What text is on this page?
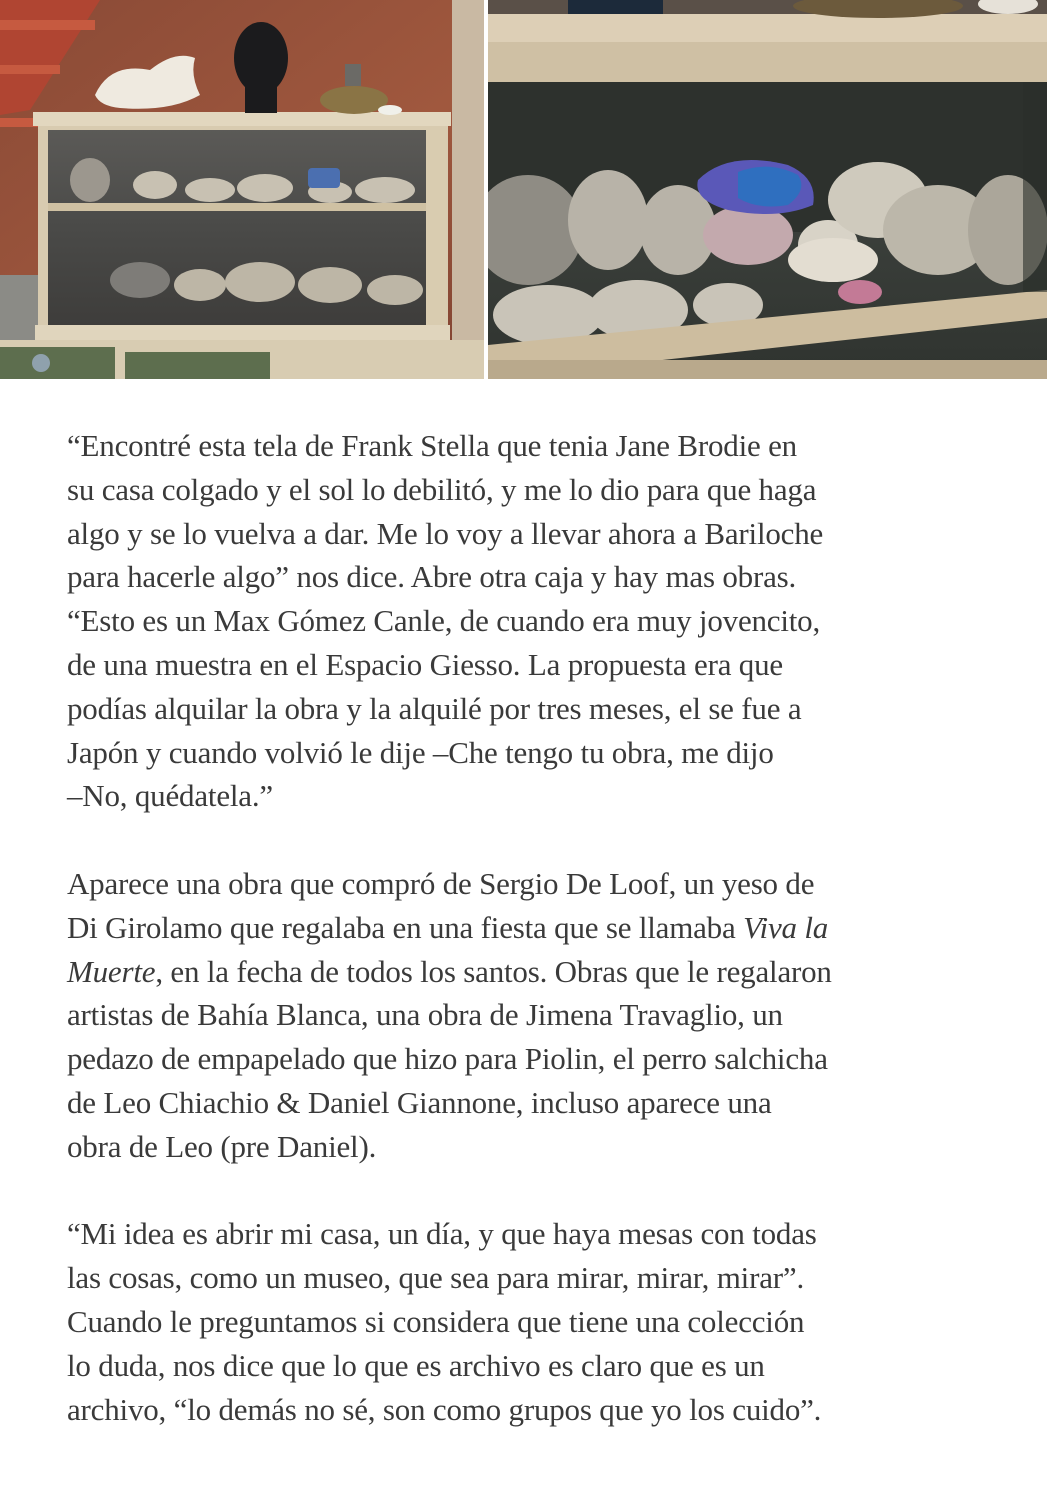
“Encontré esta tela de Frank Stella que tenia Jane Brodie en
su casa colgado y el sol lo debilitó, y me lo dio para que haga
algo y se lo vuelva a dar. Me lo voy a llevar ahora a Bariloche
para hacerle algo” nos dice. Abre otra caja y hay mas obras.
“Esto es un Max Gómez Canle, de cuando era muy jovencito,
de una muestra en el Espacio Giesso. La propuesta era que
podías alquilar la obra y la alquilé por tres meses, el se fue a
Japón y cuando volvió le dije –Che tengo tu obra, me dijo
–No, quédatela.”

Aparece una obra que compró de Sergio De Loof, un yeso de
Di Girolamo que regalaba en una fiesta que se llamaba Viva la
Muerte, en la fecha de todos los santos. Obras que le regalaron
artistas de Bahía Blanca, una obra de Jimena Travaglio, un
pedazo de empapelado que hizo para Piolin, el perro salchicha
de Leo Chiachio & Daniel Giannone, incluso aparece una
obra de Leo (pre Daniel).

“Mi idea es abrir mi casa, un día, y que haya mesas con todas
las cosas, como un museo, que sea para mirar, mirar, mirar”.
Cuando le preguntamos si considera que tiene una colección
lo duda, nos dice que lo que es archivo es claro que es un
archivo, “lo demás no sé, son como grupos que yo los cuido”.
